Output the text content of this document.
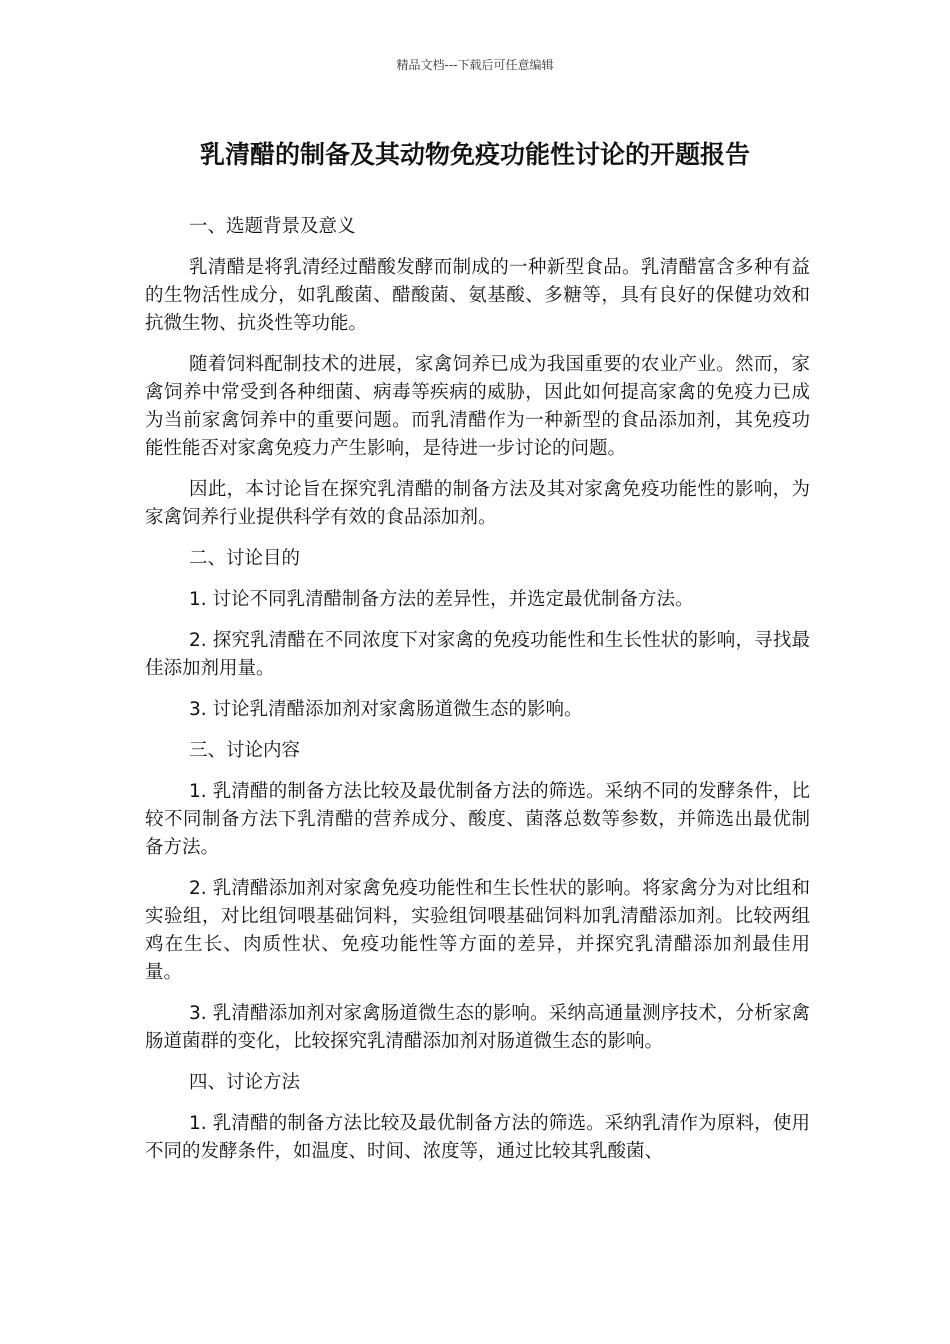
精品文档---下载后可任意编辑
乳清醋的制备及其动物免疫功能性讨论的开题报告

一、选题背景及意义

乳清醋是将乳清经过醋酸发酵而制成的一种新型食品。乳清醋富含多种有益的生物活性成分，如乳酸菌、醋酸菌、氨基酸、多糖等，具有良好的保健功效和抗微生物、抗炎性等功能。

随着饲料配制技术的进展，家禽饲养已成为我国重要的农业产业。然而，家禽饲养中常受到各种细菌、病毒等疾病的威胁，因此如何提高家禽的免疫力已成为当前家禽饲养中的重要问题。而乳清醋作为一种新型的食品添加剂，其免疫功能性能否对家禽免疫力产生影响，是待进一步讨论的问题。

因此，本讨论旨在探究乳清醋的制备方法及其对家禽免疫功能性的影响，为家禽饲养行业提供科学有效的食品添加剂。

二、讨论目的

1. 讨论不同乳清醋制备方法的差异性，并选定最优制备方法。

2. 探究乳清醋在不同浓度下对家禽的免疫功能性和生长性状的影响，寻找最佳添加剂用量。

3. 讨论乳清醋添加剂对家禽肠道微生态的影响。

三、讨论内容

1. 乳清醋的制备方法比较及最优制备方法的筛选。采纳不同的发酵条件，比较不同制备方法下乳清醋的营养成分、酸度、菌落总数等参数，并筛选出最优制备方法。

2. 乳清醋添加剂对家禽免疫功能性和生长性状的影响。将家禽分为对比组和实验组，对比组饲喂基础饲料，实验组饲喂基础饲料加乳清醋添加剂。比较两组鸡在生长、肉质性状、免疫功能性等方面的差异，并探究乳清醋添加剂最佳用量。

3. 乳清醋添加剂对家禽肠道微生态的影响。采纳高通量测序技术，分析家禽肠道菌群的变化，比较探究乳清醋添加剂对肠道微生态的影响。

四、讨论方法

1. 乳清醋的制备方法比较及最优制备方法的筛选。采纳乳清作为原料，使用不同的发酵条件，如温度、时间、浓度等，通过比较其乳酸菌、
